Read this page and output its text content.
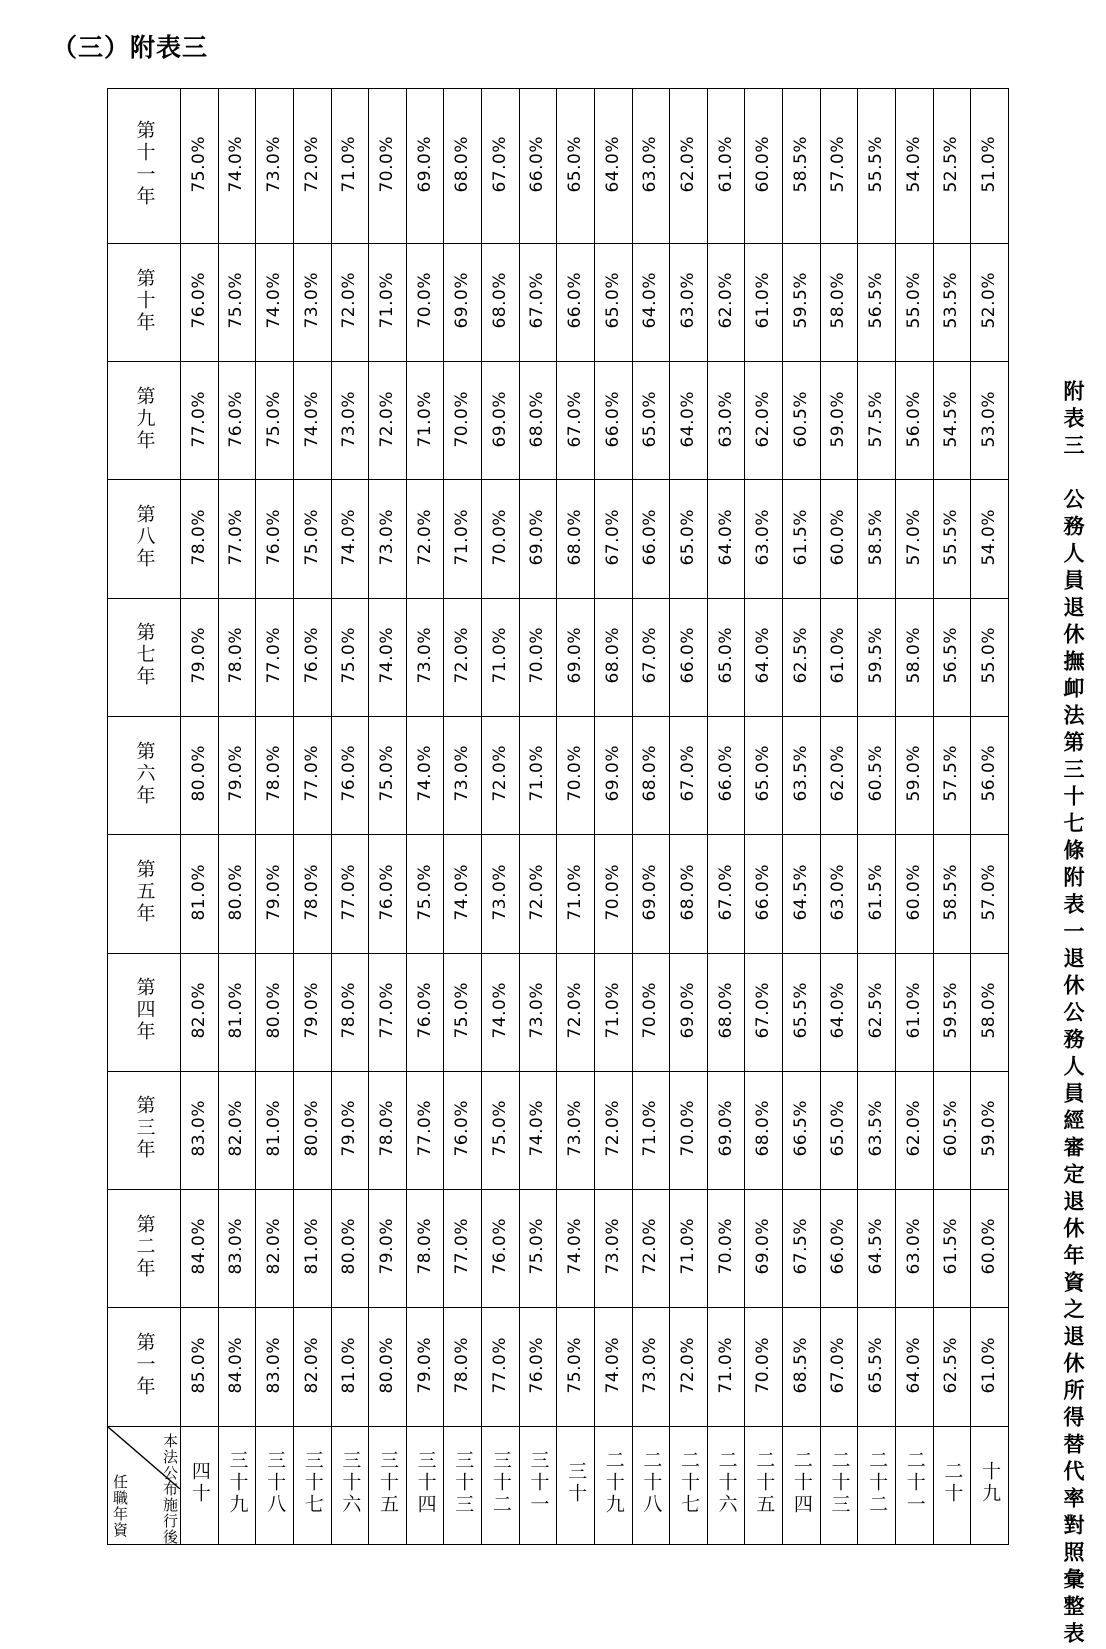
（三）附表三
附表三　公務人員退休撫卹法第三十七條附表一退休公務人員經審定退休年資之退休所得替代率對照彙整表
第十一年	75.0%	74.0%	73.0%	72.0%	71.0%	70.0%	69.0%	68.0%	67.0%	66.0%	65.0%	64.0%	63.0%	62.0%	61.0%	60.0%	58.5%	57.0%	55.5%	54.0%	52.5%	51.0%
第十年	76.0%	75.0%	74.0%	73.0%	72.0%	71.0%	70.0%	69.0%	68.0%	67.0%	66.0%	65.0%	64.0%	63.0%	62.0%	61.0%	59.5%	58.0%	56.5%	55.0%	53.5%	52.0%
第九年	77.0%	76.0%	75.0%	74.0%	73.0%	72.0%	71.0%	70.0%	69.0%	68.0%	67.0%	66.0%	65.0%	64.0%	63.0%	62.0%	60.5%	59.0%	57.5%	56.0%	54.5%	53.0%
第八年	78.0%	77.0%	76.0%	75.0%	74.0%	73.0%	72.0%	71.0%	70.0%	69.0%	68.0%	67.0%	66.0%	65.0%	64.0%	63.0%	61.5%	60.0%	58.5%	57.0%	55.5%	54.0%
第七年	79.0%	78.0%	77.0%	76.0%	75.0%	74.0%	73.0%	72.0%	71.0%	70.0%	69.0%	68.0%	67.0%	66.0%	65.0%	64.0%	62.5%	61.0%	59.5%	58.0%	56.5%	55.0%
第六年	80.0%	79.0%	78.0%	77.0%	76.0%	75.0%	74.0%	73.0%	72.0%	71.0%	70.0%	69.0%	68.0%	67.0%	66.0%	65.0%	63.5%	62.0%	60.5%	59.0%	57.5%	56.0%
第五年	81.0%	80.0%	79.0%	78.0%	77.0%	76.0%	75.0%	74.0%	73.0%	72.0%	71.0%	70.0%	69.0%	68.0%	67.0%	66.0%	64.5%	63.0%	61.5%	60.0%	58.5%	57.0%
第四年	82.0%	81.0%	80.0%	79.0%	78.0%	77.0%	76.0%	75.0%	74.0%	73.0%	72.0%	71.0%	70.0%	69.0%	68.0%	67.0%	65.5%	64.0%	62.5%	61.0%	59.5%	58.0%
第三年	83.0%	82.0%	81.0%	80.0%	79.0%	78.0%	77.0%	76.0%	75.0%	74.0%	73.0%	72.0%	71.0%	70.0%	69.0%	68.0%	66.5%	65.0%	63.5%	62.0%	60.5%	59.0%
第二年	84.0%	83.0%	82.0%	81.0%	80.0%	79.0%	78.0%	77.0%	76.0%	75.0%	74.0%	73.0%	72.0%	71.0%	70.0%	69.0%	67.5%	66.0%	64.5%	63.0%	61.5%	60.0%
第一年	85.0%	84.0%	83.0%	82.0%	81.0%	80.0%	79.0%	78.0%	77.0%	76.0%	75.0%	74.0%	73.0%	72.0%	71.0%	70.0%	68.5%	67.0%	65.5%	64.0%	62.5%	61.0%

本法公布施行後
任職年資	四十	三十九	三十八	三十七	三十六	三十五	三十四	三十三	三十二	三十一	三十	二十九	二十八	二十七	二十六	二十五	二十四	二十三	二十二	二十一	二十	十九
